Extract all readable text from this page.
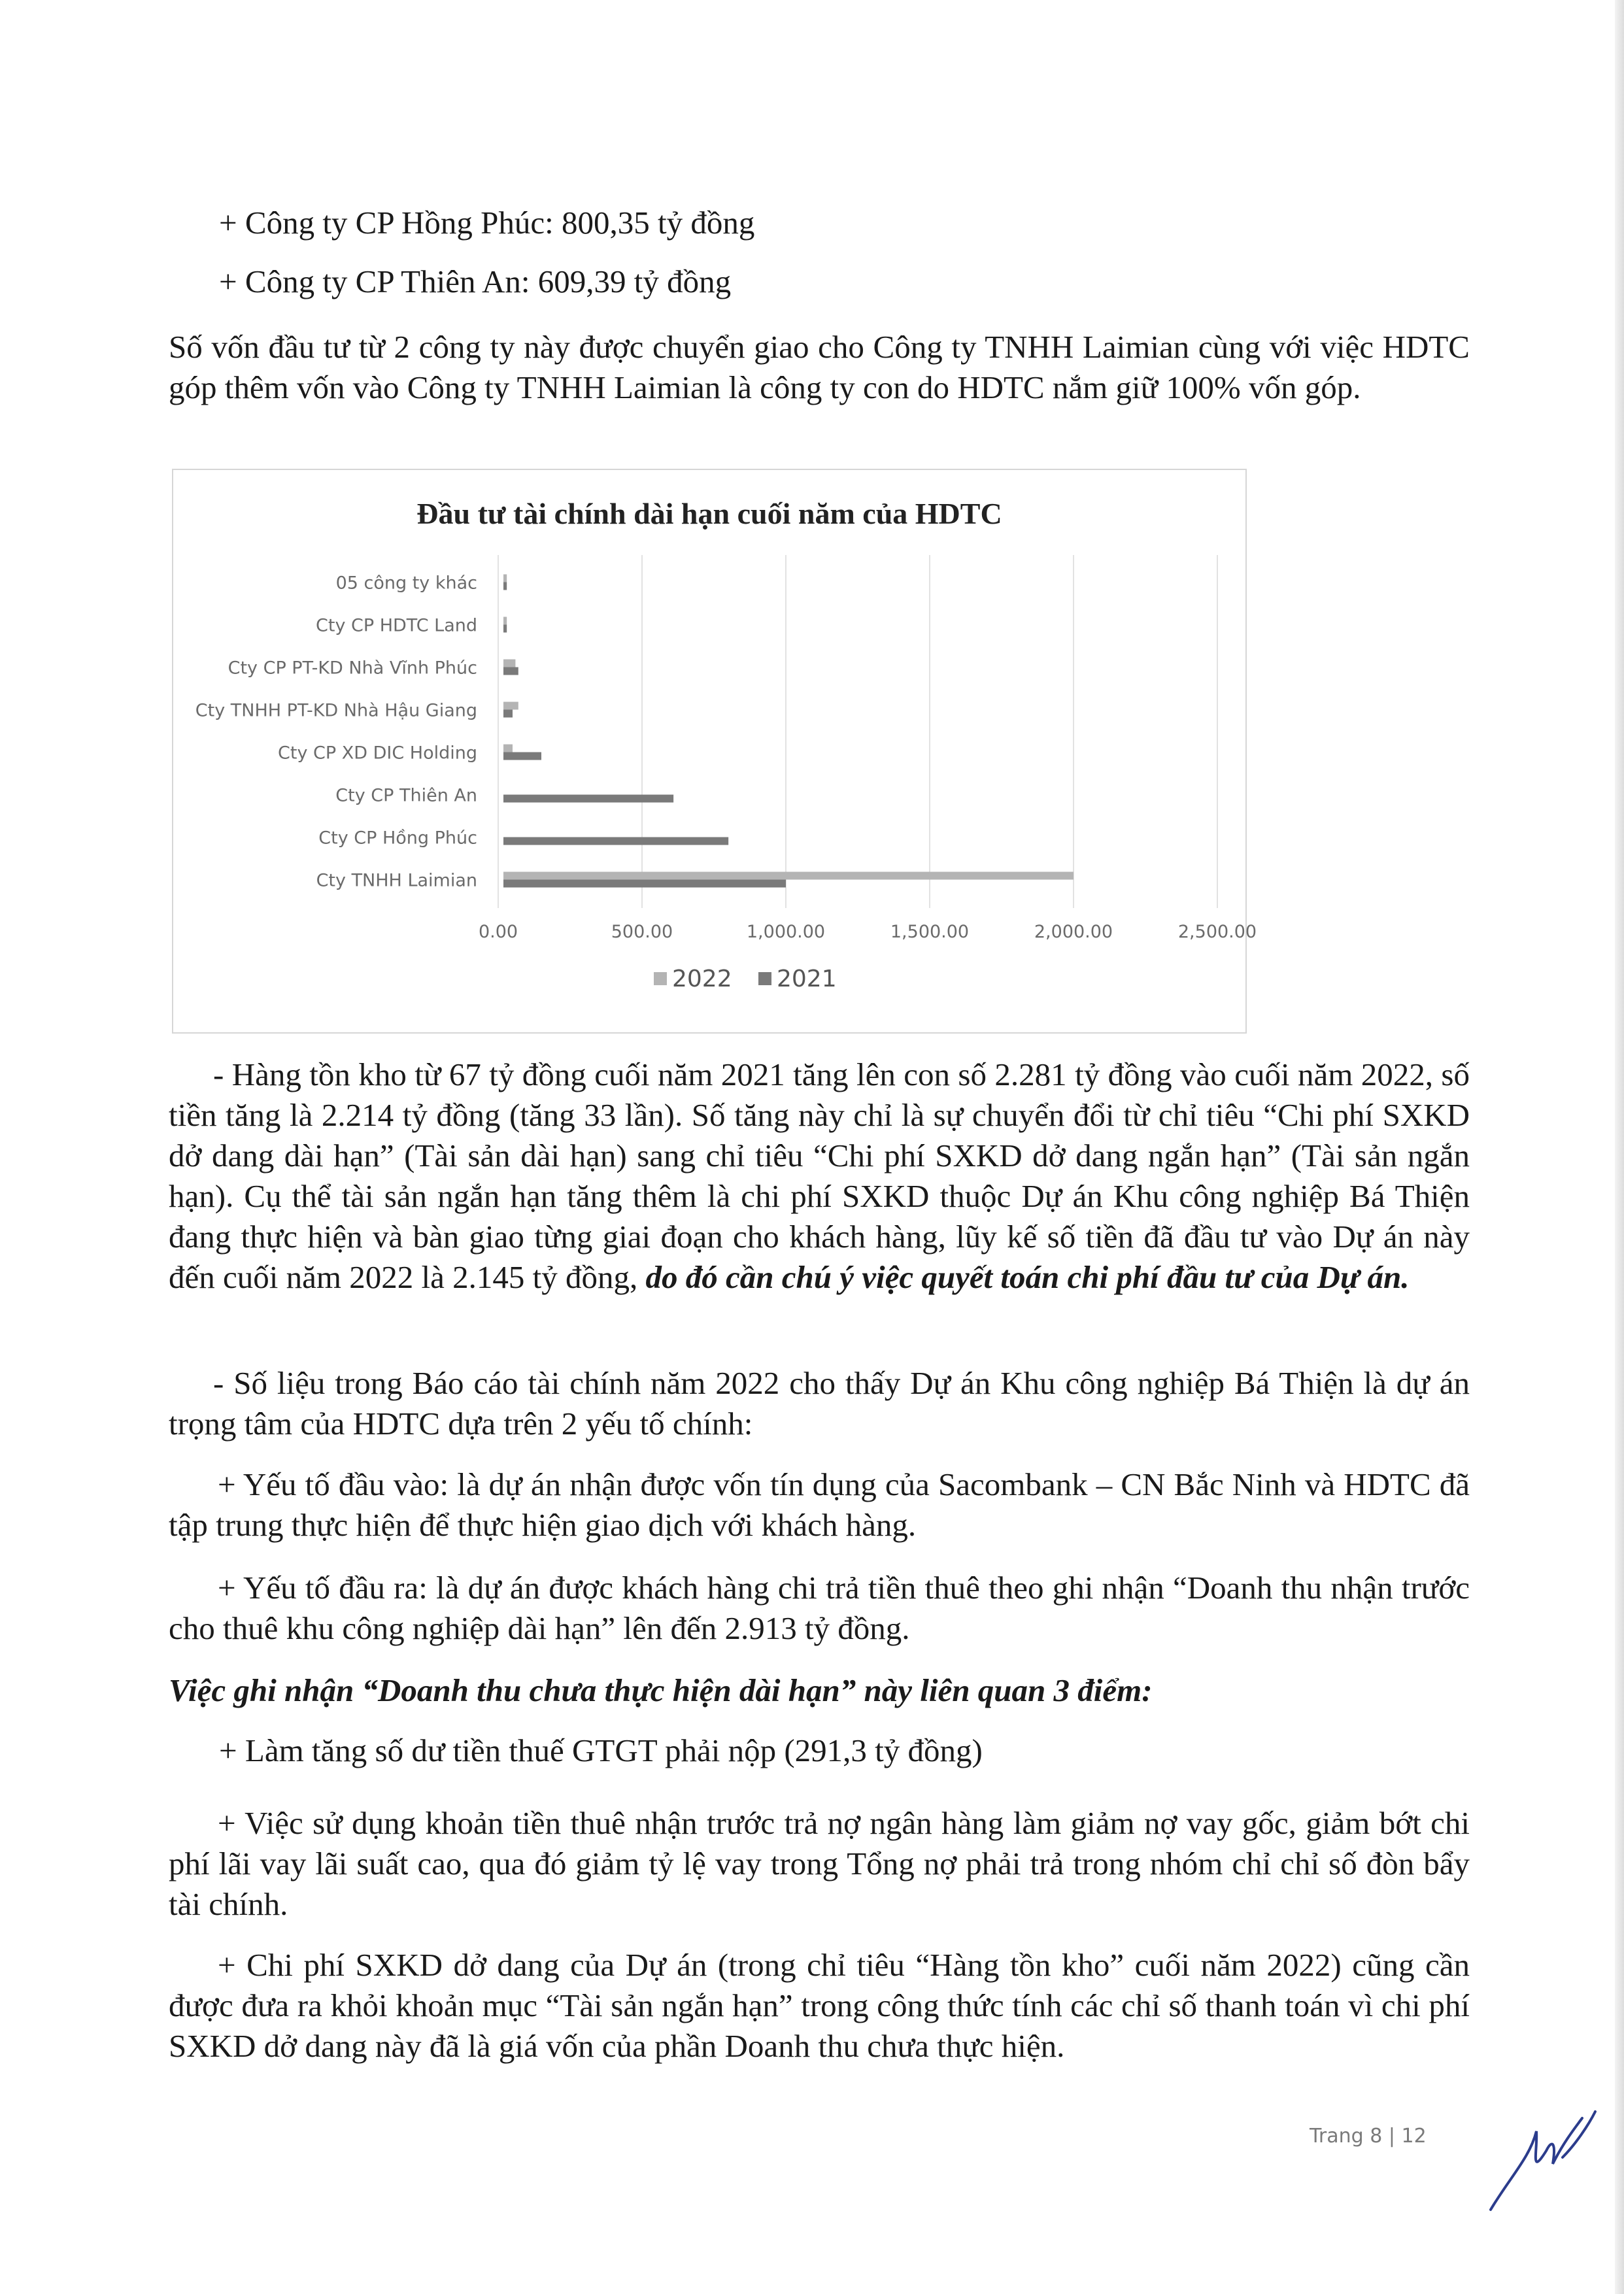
+ Công ty CP Hồng Phúc: 800,35 tỷ đồng

+ Công ty CP Thiên An: 609,39 tỷ đồng

Số vốn đầu tư từ 2 công ty này được chuyển giao cho Công ty TNHH Laimian cùng với việc HDTC góp thêm vốn vào Công ty TNHH Laimian là công ty con do HDTC nắm giữ 100% vốn góp.

Đầu tư tài chính dài hạn cuối năm của HDTC
05 công ty khác
Cty CP HDTC Land
Cty CP PT-KD Nhà Vĩnh Phúc
Cty TNHH PT-KD Nhà Hậu Giang
Cty CP XD DIC Holding
Cty CP Thiên An
Cty CP Hồng Phúc
Cty TNHH Laimian
0.00	500.00	1,000.00	1,500.00	2,000.00	2,500.00
2022 2021

- Hàng tồn kho từ 67 tỷ đồng cuối năm 2021 tăng lên con số 2.281 tỷ đồng vào cuối năm 2022, số tiền tăng là 2.214 tỷ đồng (tăng 33 lần). Số tăng này chỉ là sự chuyển đổi từ chỉ tiêu “Chi phí SXKD dở dang dài hạn” (Tài sản dài hạn) sang chỉ tiêu “Chi phí SXKD dở dang ngắn hạn” (Tài sản ngắn hạn). Cụ thể tài sản ngắn hạn tăng thêm là chi phí SXKD thuộc Dự án Khu công nghiệp Bá Thiện đang thực hiện và bàn giao từng giai đoạn cho khách hàng, lũy kế số tiền đã đầu tư vào Dự án này đến cuối năm 2022 là 2.145 tỷ đồng, do đó cần chú ý việc quyết toán chi phí đầu tư của Dự án.

- Số liệu trong Báo cáo tài chính năm 2022 cho thấy Dự án Khu công nghiệp Bá Thiện là dự án trọng tâm của HDTC dựa trên 2 yếu tố chính:

+ Yếu tố đầu vào: là dự án nhận được vốn tín dụng của Sacombank – CN Bắc Ninh và HDTC đã tập trung thực hiện để thực hiện giao dịch với khách hàng.

+ Yếu tố đầu ra: là dự án được khách hàng chi trả tiền thuê theo ghi nhận “Doanh thu nhận trước cho thuê khu công nghiệp dài hạn” lên đến 2.913 tỷ đồng.

Việc ghi nhận “Doanh thu chưa thực hiện dài hạn” này liên quan 3 điểm:

+ Làm tăng số dư tiền thuế GTGT phải nộp (291,3 tỷ đồng)

+ Việc sử dụng khoản tiền thuê nhận trước trả nợ ngân hàng làm giảm nợ vay gốc, giảm bớt chi phí lãi vay lãi suất cao, qua đó giảm tỷ lệ vay trong Tổng nợ phải trả trong nhóm chỉ chỉ số đòn bẩy tài chính.

+ Chi phí SXKD dở dang của Dự án (trong chỉ tiêu “Hàng tồn kho” cuối năm 2022) cũng cần được đưa ra khỏi khoản mục “Tài sản ngắn hạn” trong công thức tính các chỉ số thanh toán vì chi phí SXKD dở dang này đã là giá vốn của phần Doanh thu chưa thực hiện.

Trang 8 | 12
